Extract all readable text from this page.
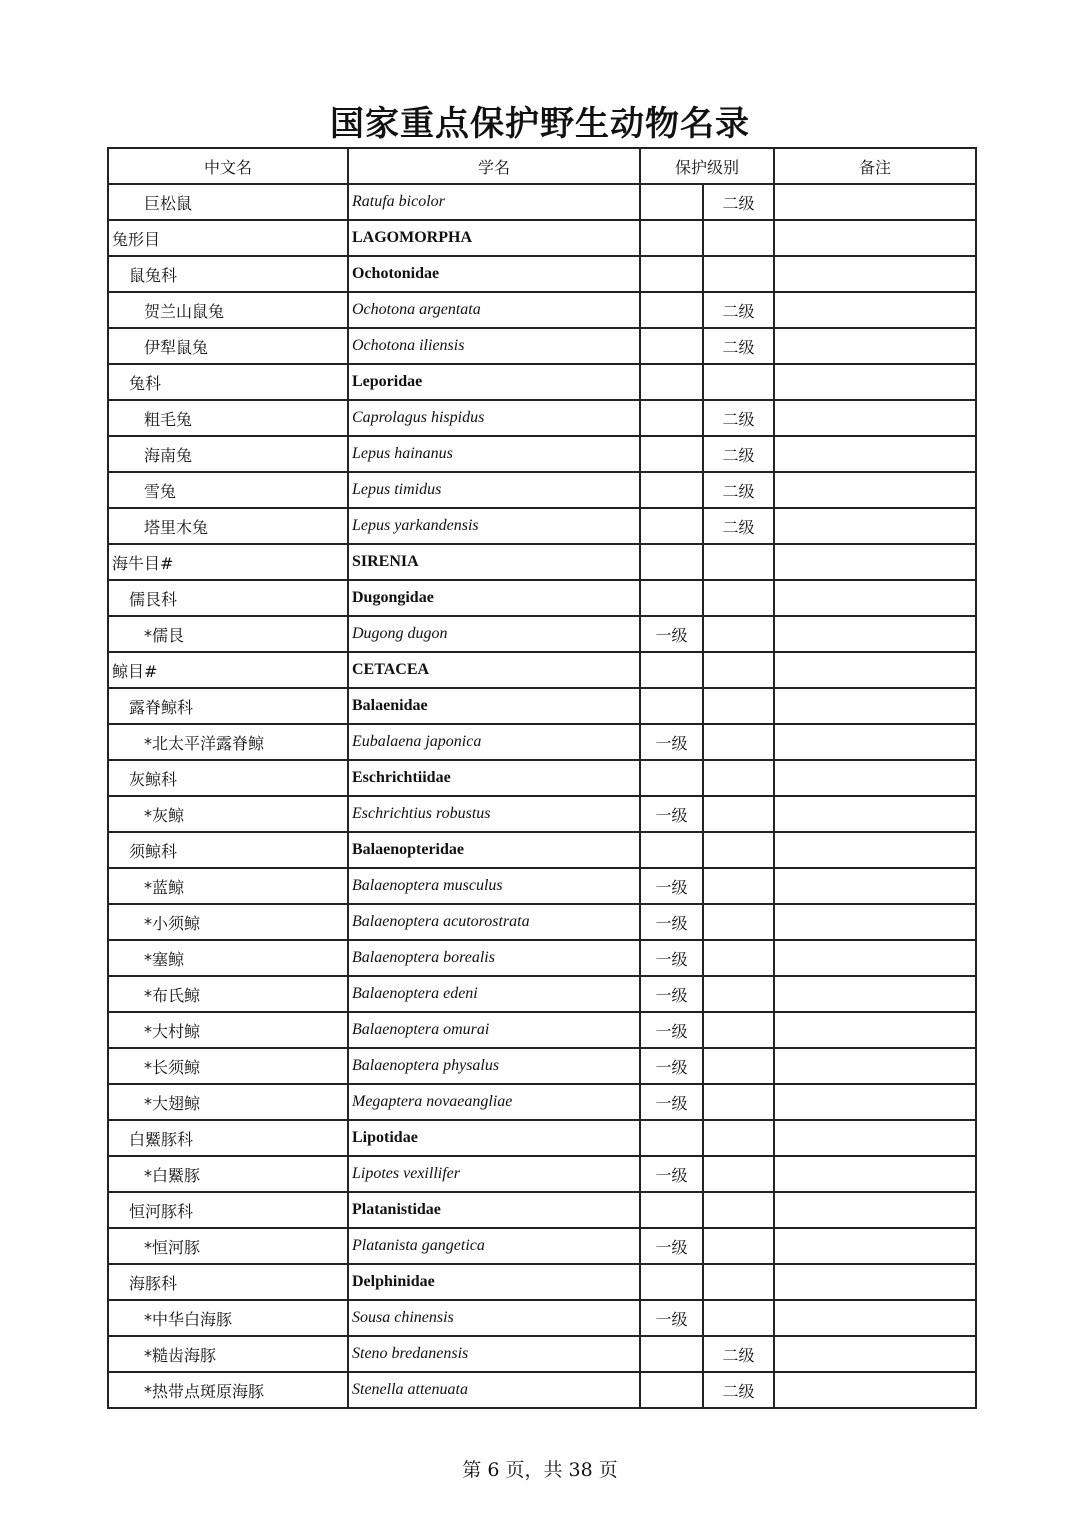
国家重点保护野生动物名录
中文名	学名	保护级别		备注
巨松鼠	Ratufa bicolor		二级	
兔形目	LAGOMORPHA			
鼠兔科	Ochotonidae			
贺兰山鼠兔	Ochotona argentata		二级	
伊犁鼠兔	Ochotona iliensis		二级	
兔科	Leporidae			
粗毛兔	Caprolagus hispidus		二级	
海南兔	Lepus hainanus		二级	
雪兔	Lepus timidus		二级	
塔里木兔	Lepus yarkandensis		二级	
海牛目#	SIRENIA			
儒艮科	Dugongidae			
*儒艮	Dugong dugon	一级		
鲸目#	CETACEA			
露脊鲸科	Balaenidae			
*北太平洋露脊鲸	Eubalaena japonica	一级		
灰鲸科	Eschrichtiidae			
*灰鲸	Eschrichtius robustus	一级		
须鲸科	Balaenopteridae			
*蓝鲸	Balaenoptera musculus	一级		
*小须鲸	Balaenoptera acutorostrata	一级		
*塞鲸	Balaenoptera borealis	一级		
*布氏鲸	Balaenoptera edeni	一级		
*大村鲸	Balaenoptera omurai	一级		
*长须鲸	Balaenoptera physalus	一级		
*大翅鲸	Megaptera novaeangliae	一级		
白鱀豚科	Lipotidae			
*白鱀豚	Lipotes vexillifer	一级		
恒河豚科	Platanistidae			
*恒河豚	Platanista gangetica	一级		
海豚科	Delphinidae			
*中华白海豚	Sousa chinensis	一级		
*糙齿海豚	Steno bredanensis		二级	
*热带点斑原海豚	Stenella attenuata		二级	
第 6 页，共 38 页
